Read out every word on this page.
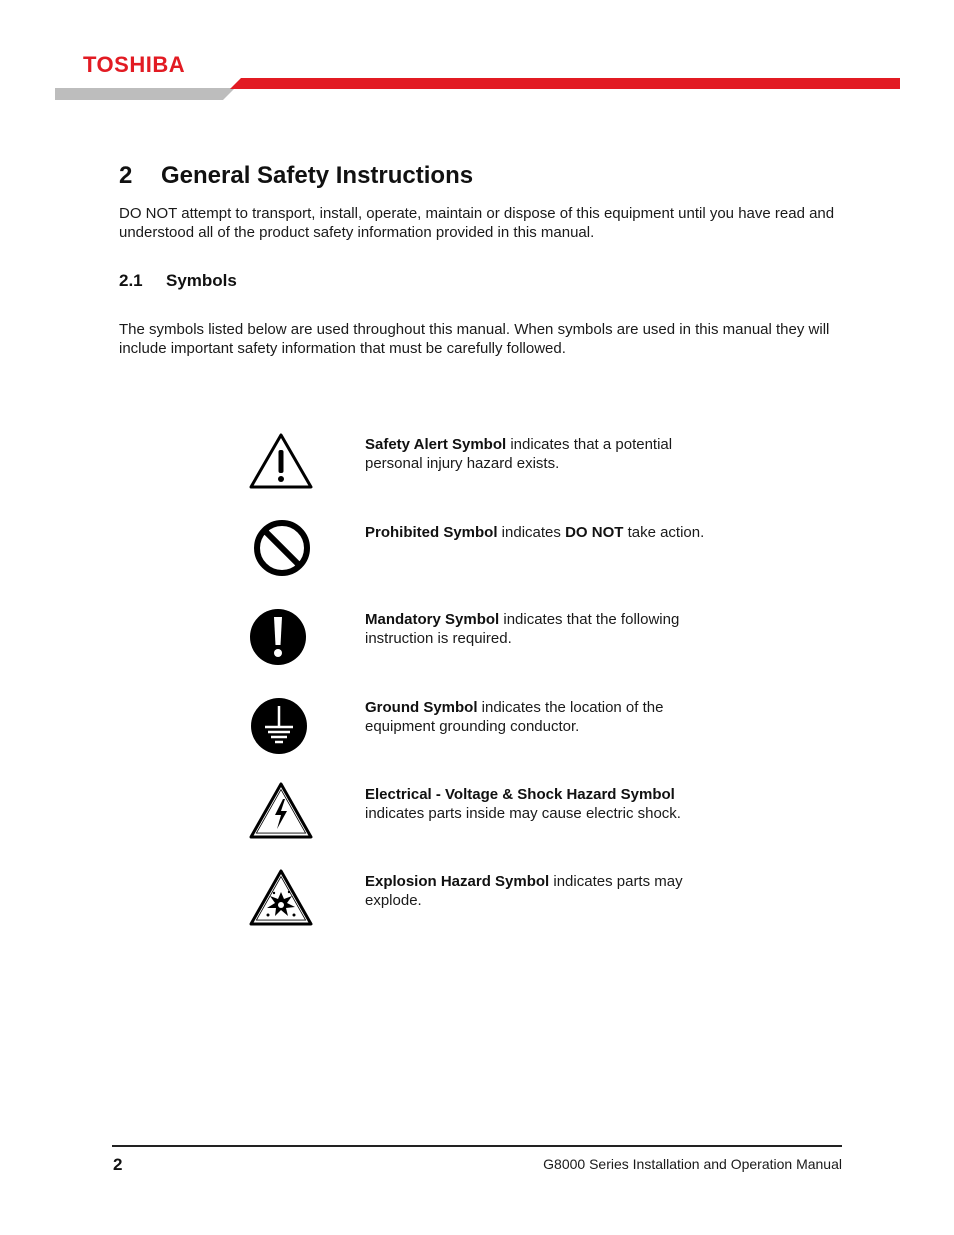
TOSHIBA
2 General Safety Instructions

DO NOT attempt to transport, install, operate, maintain or dispose of this equipment until you have read and understood all of the product safety information provided in this manual.

2.1 Symbols

The symbols listed below are used throughout this manual. When symbols are used in this manual they will include important safety information that must be carefully followed.

Safety Alert Symbol indicates that a potential personal injury hazard exists.

Prohibited Symbol indicates DO NOT take action.

Mandatory Symbol indicates that the following instruction is required.

Ground Symbol indicates the location of the equipment grounding conductor.

Electrical - Voltage & Shock Hazard Symbol
indicates parts inside may cause electric shock.

Explosion Hazard Symbol indicates parts may explode.

2	G8000 Series Installation and Operation Manual
